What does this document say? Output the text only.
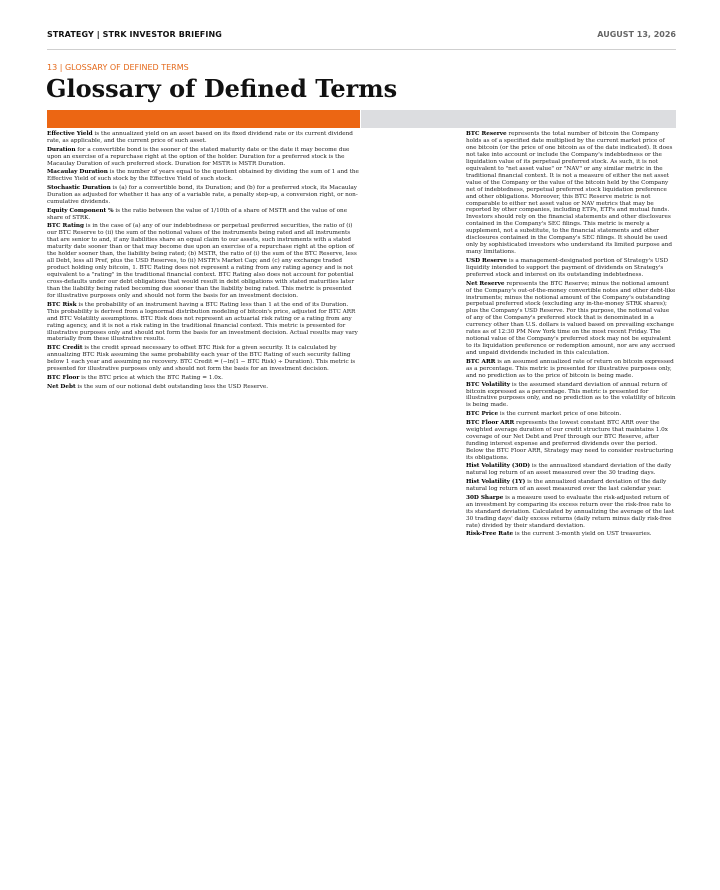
STRATEGY | STRK INVESTOR BRIEFING	AUGUST 13, 2026
13 | GLOSSARY OF DEFINED TERMS
Glossary of Defined Terms

Effective Yield is the annualized yield on an asset based on its fixed dividend rate or its current dividend rate, as applicable, and the current price of such asset.

Duration for a convertible bond is the sooner of the stated maturity date or the date it may become due upon an exercise of a repurchase right at the option of the holder. Duration for a preferred stock is the Macaulay Duration of such preferred stock. Duration for MSTR is MSTR Duration.

Macaulay Duration is the number of years equal to the quotient obtained by dividing the sum of 1 and the Effective Yield of such stock by the Effective Yield of such stock.

Stochastic Duration is (a) for a convertible bond, its Duration; and (b) for a preferred stock, its Macaulay Duration as adjusted for whether it has any of a variable rate, a penalty step-up, a conversion right, or non-cumulative dividends.

Equity Component % is the ratio between the value of 1/10th of a share of MSTR and the value of one share of STRK.

BTC Rating is in the case of (a) any of our indebtedness or perpetual preferred securities, the ratio of (i) our BTC Reserve to (ii) the sum of the notional values of the instruments being rated and all instruments that are senior to and, if any liabilities share an equal claim to our assets, such instruments with a stated maturity date sooner than or that may become due upon an exercise of a repurchase right at the option of the holder sooner than, the liability being rated; (b) MSTR, the ratio of (i) the sum of the BTC Reserve, less all Debt, less all Pref, plus the USD Reserves, to (ii) MSTR's Market Cap; and (c) any exchange traded product holding only bitcoin, 1. BTC Rating does not represent a rating from any rating agency and is not equivalent to a "rating" in the traditional financial context. BTC Rating also does not account for potential cross-defaults under our debt obligations that would result in debt obligations with stated maturities later than the liability being rated becoming due sooner than the liability being rated. This metric is presented for illustrative purposes only and should not form the basis for an investment decision.

BTC Risk is the probability of an instrument having a BTC Rating less than 1 at the end of its Duration. This probability is derived from a lognormal distribution modeling of bitcoin's price, adjusted for BTC ARR and BTC Volatility assumptions. BTC Risk does not represent an actuarial risk rating or a rating from any rating agency, and it is not a risk rating in the traditional financial context. This metric is presented for illustrative purposes only and should not form the basis for an investment decision. Actual results may vary materially from these illustrative results.

BTC Credit is the credit spread necessary to offset BTC Risk for a given security. It is calculated by annualizing BTC Risk assuming the same probability each year of the BTC Rating of such security falling below 1 each year and assuming no recovery. BTC Credit = (−ln(1 − BTC Risk) ÷ Duration). This metric is presented for illustrative purposes only and should not form the basis for an investment decision.

BTC Floor is the BTC price at which the BTC Rating = 1.0x.

Net Debt is the sum of our notional debt outstanding less the USD Reserve.

BTC Reserve represents the total number of bitcoin the Company holds as of a specified date multiplied by the current market price of one bitcoin (or the price of one bitcoin as of the date indicated). It does not take into account or include the Company's indebtedness or the liquidation value of its perpetual preferred stock. As such, it is not equivalent to "net asset value" or "NAV" or any similar metric in the traditional financial context. It is not a measure of either the net asset value of the Company or the value of the bitcoin held by the Company net of indebtedness, perpetual preferred stock liquidation preference and other obligations. Moreover, this BTC Reserve metric is not comparable to either net asset value or NAV metrics that may be reported by other companies, including ETPs, ETFs and mutual funds. Investors should rely on the financial statements and other disclosures contained in the Company's SEC filings. This metric is merely a supplement, not a substitute, to the financial statements and other disclosures contained in the Company's SEC filings. It should be used only by sophisticated investors who understand its limited purpose and many limitations.

USD Reserve is a management-designated portion of Strategy's USD liquidity intended to support the payment of dividends on Strategy's preferred stock and interest on its outstanding indebtedness.

Net Reserve represents the BTC Reserve; minus the notional amount of the Company's out-of-the-money convertible notes and other debt-like instruments; minus the notional amount of the Company's outstanding perpetual preferred stock (excluding any in-the-money STRK shares); plus the Company's USD Reserve. For this purpose, the notional value of any of the Company's preferred stock that is denominated in a currency other than U.S. dollars is valued based on prevailing exchange rates as of 12:30 PM New York time on the most recent Friday. The notional value of the Company's preferred stock may not be equivalent to its liquidation preference or redemption amount, nor are any accrued and unpaid dividends included in this calculation.

BTC ARR is an assumed annualized rate of return on bitcoin expressed as a percentage. This metric is presented for illustrative purposes only, and no prediction as to the price of bitcoin is being made.

BTC Volatility is the assumed standard deviation of annual return of bitcoin expressed as a percentage. This metric is presented for illustrative purposes only, and no prediction as to the volatility of bitcoin is being made.

BTC Price is the current market price of one bitcoin.

BTC Floor ARR represents the lowest constant BTC ARR over the weighted average duration of our credit structure that maintains 1.0x coverage of our Net Debt and Pref through our BTC Reserve, after funding interest expense and preferred dividends over the period. Below the BTC Floor ARR, Strategy may need to consider restructuring its obligations.

Hist Volatility (30D) is the annualized standard deviation of the daily natural log return of an asset measured over the 30 trading days.

Hist Volatility (1Y) is the annualized standard deviation of the daily natural log return of an asset measured over the last calendar year.

30D Sharpe is a measure used to evaluate the risk-adjusted return of an investment by comparing its excess return over the risk-free rate to its standard deviation. Calculated by annualizing the average of the last 30 trading days' daily excess returns (daily return minus daily risk-free rate) divided by their standard deviation.

Risk-Free Rate is the current 3-month yield on UST treasuries.
